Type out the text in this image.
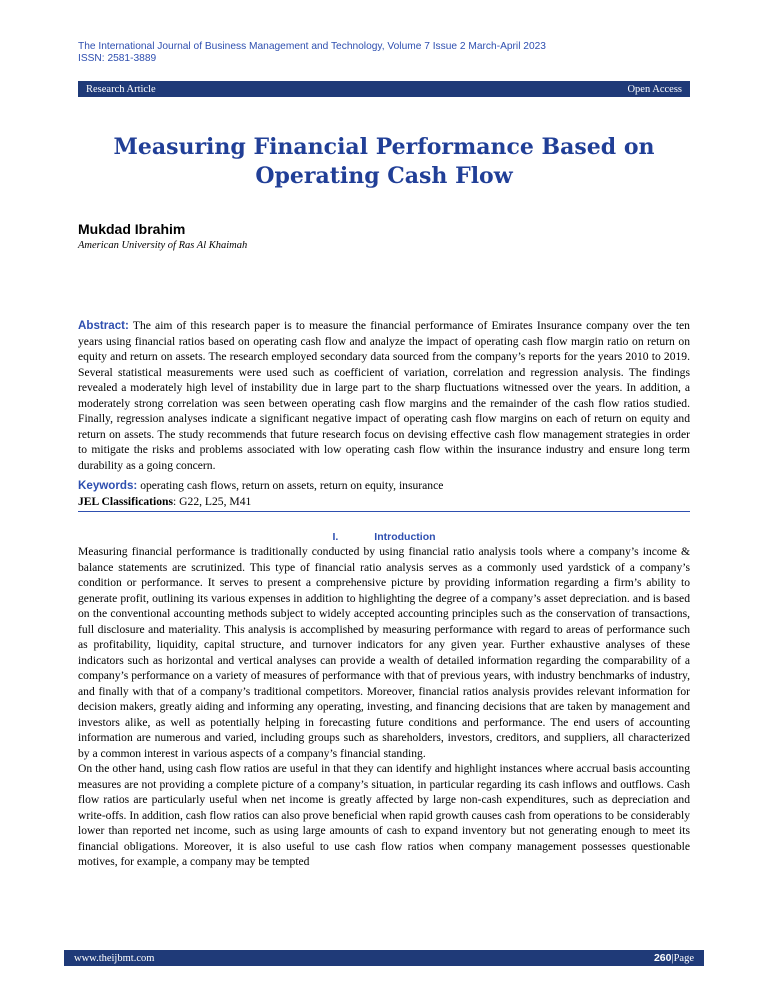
The International Journal of Business Management and Technology, Volume 7 Issue 2 March-April 2023
ISSN: 2581-3889
Research Article	Open Access
Measuring Financial Performance Based on Operating Cash Flow
Mukdad Ibrahim
American University of Ras Al Khaimah
Abstract: The aim of this research paper is to measure the financial performance of Emirates Insurance company over the ten years using financial ratios based on operating cash flow and analyze the impact of operating cash flow margin ratio on return on equity and return on assets. The research employed secondary data sourced from the company’s reports for the years 2010 to 2019. Several statistical measurements were used such as coefficient of variation, correlation and regression analysis. The findings revealed a moderately high level of instability due in large part to the sharp fluctuations witnessed over the years. In addition, a moderately strong correlation was seen between operating cash flow margins and the remainder of the cash flow ratios studied. Finally, regression analyses indicate a significant negative impact of operating cash flow margins on each of return on equity and return on assets. The study recommends that future research focus on devising effective cash flow management strategies in order to mitigate the risks and problems associated with low operating cash flow within the insurance industry and ensure long term durability as a going concern.
Keywords: operating cash flows, return on assets, return on equity, insurance
JEL Classifications: G22, L25, M41
I.	Introduction

Measuring financial performance is traditionally conducted by using financial ratio analysis tools where a company’s income & balance statements are scrutinized. This type of financial ratio analysis serves as a commonly used yardstick of a company’s condition or performance. It serves to present a comprehensive picture by providing information regarding a firm’s ability to generate profit, outlining its various expenses in addition to highlighting the degree of a company’s asset depreciation. and is based on the conventional accounting methods subject to widely accepted accounting principles such as the conservation of transactions, full disclosure and materiality. This analysis is accomplished by measuring performance with regard to areas of performance such as profitability, liquidity, capital structure, and turnover indicators for any given year. Further exhaustive analyses of these indicators such as horizontal and vertical analyses can provide a wealth of detailed information regarding the comparability of a company’s performance on a variety of measures of performance with that of previous years, with industry benchmarks of industry, and finally with that of a company’s traditional competitors. Moreover, financial ratios analysis provides relevant information for decision makers, greatly aiding and informing any operating, investing, and financing decisions that are taken by management and investors alike, as well as potentially helping in forecasting future conditions and performance. The end users of accounting information are numerous and varied, including groups such as shareholders, investors, creditors, and suppliers, all characterized by a common interest in various aspects of a company’s financial standing.

On the other hand, using cash flow ratios are useful in that they can identify and highlight instances where accrual basis accounting measures are not providing a complete picture of a company’s situation, in particular regarding its cash inflows and outflows. Cash flow ratios are particularly useful when net income is greatly affected by large non-cash expenditures, such as depreciation and write-offs. In addition, cash flow ratios can also prove beneficial when rapid growth causes cash from operations to be considerably lower than reported net income, such as using large amounts of cash to expand inventory but not generating enough to meet its financial obligations. Moreover, it is also useful to use cash flow ratios when company management possesses questionable motives, for example, a company may be tempted

www.theijbmt.com	260|Page
